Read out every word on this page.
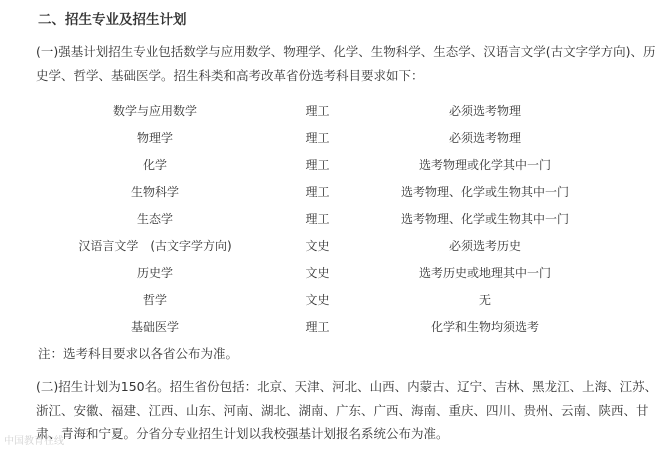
二、招生专业及招生计划
(一)强基计划招生专业包括数学与应用数学、物理学、化学、生物科学、生态学、汉语言文学(古文字学方向)、历史学、哲学、基础医学。招生科类和高考改革省份选考科目要求如下：
数学与应用数学	理工	必须选考物理
物理学	理工	必须选考物理
化学	理工	选考物理或化学其中一门
生物科学	理工	选考物理、化学或生物其中一门
生态学	理工	选考物理、化学或生物其中一门
汉语言文学　(古文字学方向)	文史	必须选考历史
历史学	文史	选考历史或地理其中一门
哲学	文史	无
基础医学	理工	化学和生物均须选考
注：选考科目要求以各省公布为准。
(二)招生计划为150名。招生省份包括：北京、天津、河北、山西、内蒙古、辽宁、吉林、黑龙江、上海、江苏、浙江、安徽、福建、江西、山东、河南、湖北、湖南、广东、广西、海南、重庆、四川、贵州、云南、陕西、甘肃、青海和宁夏。分省分专业招生计划以我校强基计划报名系统公布为准。
中国教育在线
